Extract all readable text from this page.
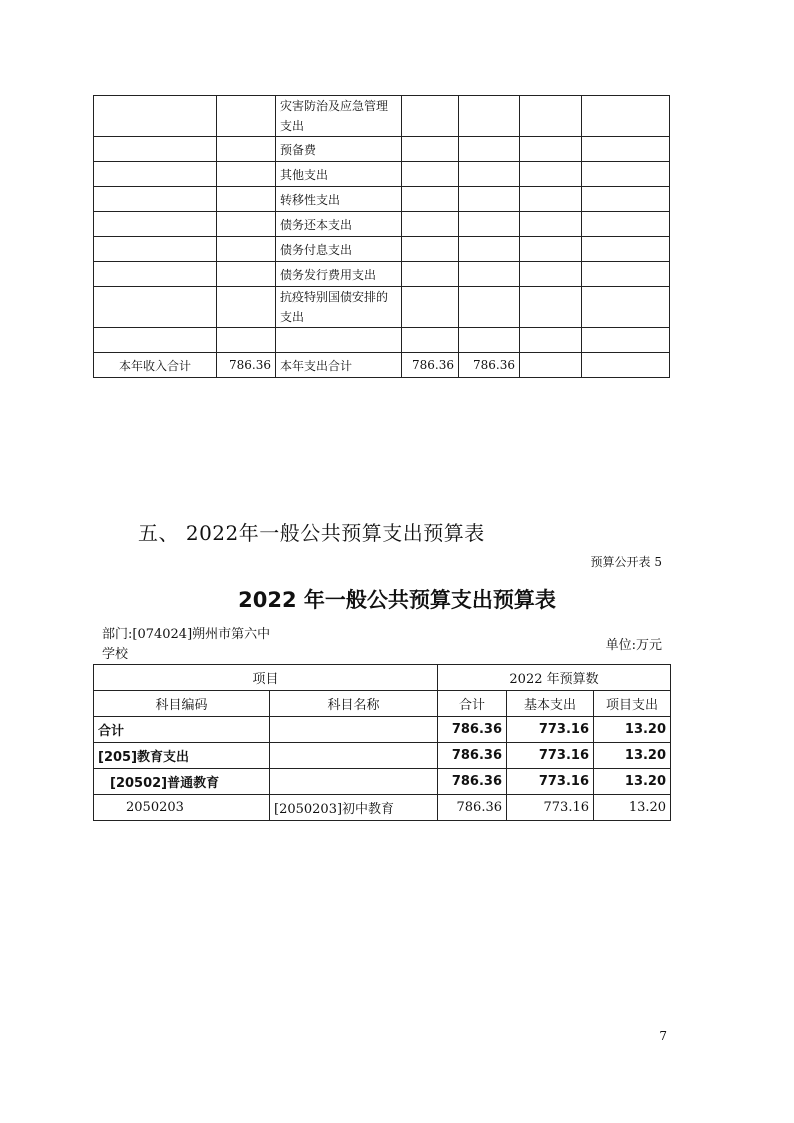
		灾害防治及应急管理支出				
		预备费				
		其他支出				
		转移性支出				
		债务还本支出				
		债务付息支出				
		债务发行费用支出				
		抗疫特别国债安排的支出				

本年收入合计	786.36	本年支出合计	786.36	786.36		
五、 2022年一般公共预算支出预算表
预算公开表 5
2022 年一般公共预算支出预算表
部门:[074024]朔州市第六中学校
单位:万元
项目		2022 年预算数		
科目编码	科目名称	合计	基本支出	项目支出
合计		786.36	773.16	13.20
[205]教育支出		786.36	773.16	13.20
[20502]普通教育		786.36	773.16	13.20
2050203	[2050203]初中教育	786.36	773.16	13.20
7
